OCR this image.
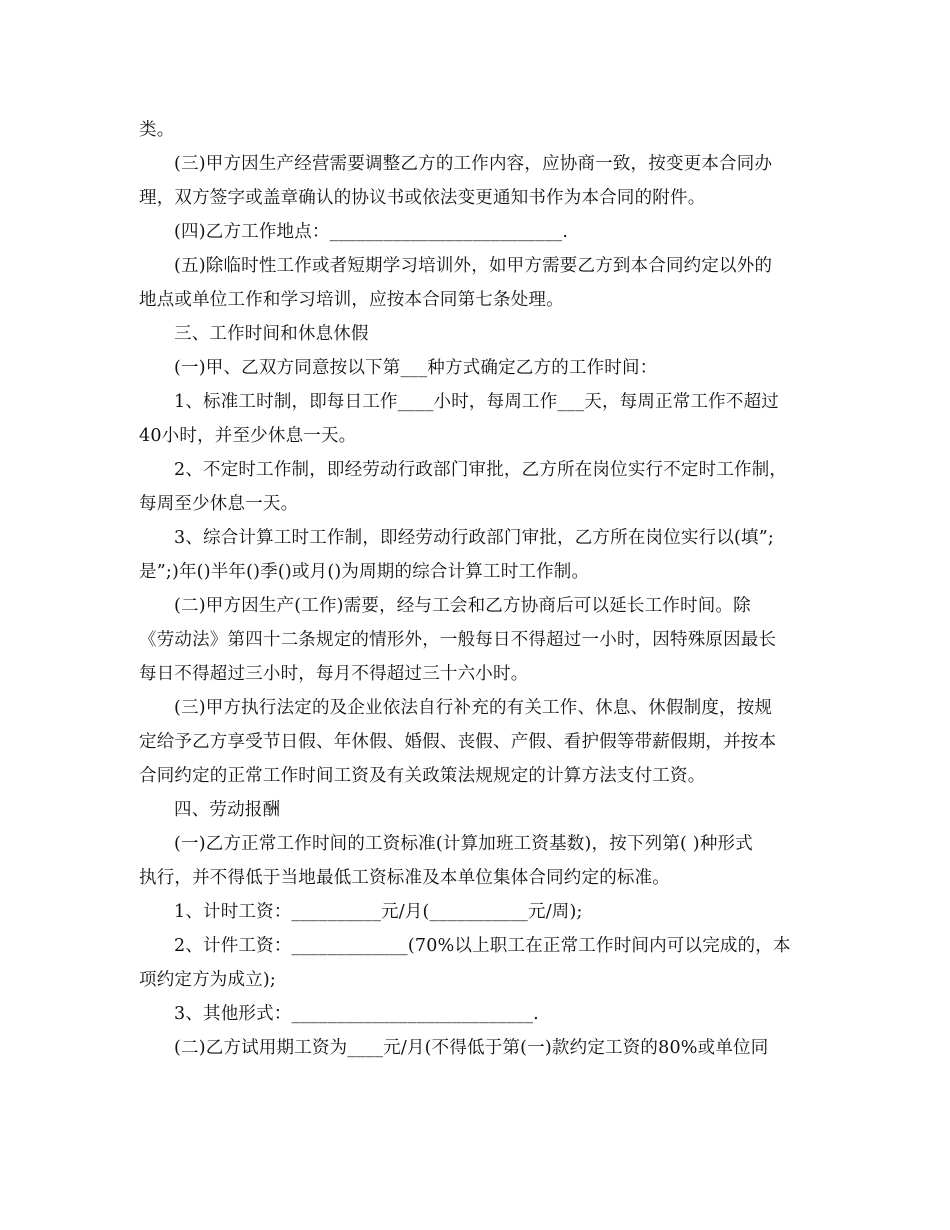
类。
(三)甲方因生产经营需要调整乙方的工作内容，应协商一致，按变更本合同办
理，双方签字或盖章确认的协议书或依法变更通知书作为本合同的附件。
(四)乙方工作地点：__________________________.
(五)除临时性工作或者短期学习培训外，如甲方需要乙方到本合同约定以外的
地点或单位工作和学习培训，应按本合同第七条处理。
三、工作时间和休息休假
(一)甲、乙双方同意按以下第___种方式确定乙方的工作时间：
1、标准工时制，即每日工作____小时，每周工作___天，每周正常工作不超过
40小时，并至少休息一天。
2、不定时工作制，即经劳动行政部门审批，乙方所在岗位实行不定时工作制，
每周至少休息一天。
3、综合计算工时工作制，即经劳动行政部门审批，乙方所在岗位实行以(填”;
是”;)年()半年()季()或月()为周期的综合计算工时工作制。
(二)甲方因生产(工作)需要，经与工会和乙方协商后可以延长工作时间。除
《劳动法》第四十二条规定的情形外，一般每日不得超过一小时，因特殊原因最长
每日不得超过三小时，每月不得超过三十六小时。
(三)甲方执行法定的及企业依法自行补充的有关工作、休息、休假制度，按规
定给予乙方享受节日假、年休假、婚假、丧假、产假、看护假等带薪假期，并按本
合同约定的正常工作时间工资及有关政策法规规定的计算方法支付工资。
四、劳动报酬
(一)乙方正常工作时间的工资标准(计算加班工资基数)，按下列第( )种形式
执行，并不得低于当地最低工资标准及本单位集体合同约定的标准。
1、计时工资：__________元/月(___________元/周);
2、计件工资：_____________(70%以上职工在正常工作时间内可以完成的，本
项约定方为成立);
3、其他形式：___________________________.
(二)乙方试用期工资为____元/月(不得低于第(一)款约定工资的80%或单位同
